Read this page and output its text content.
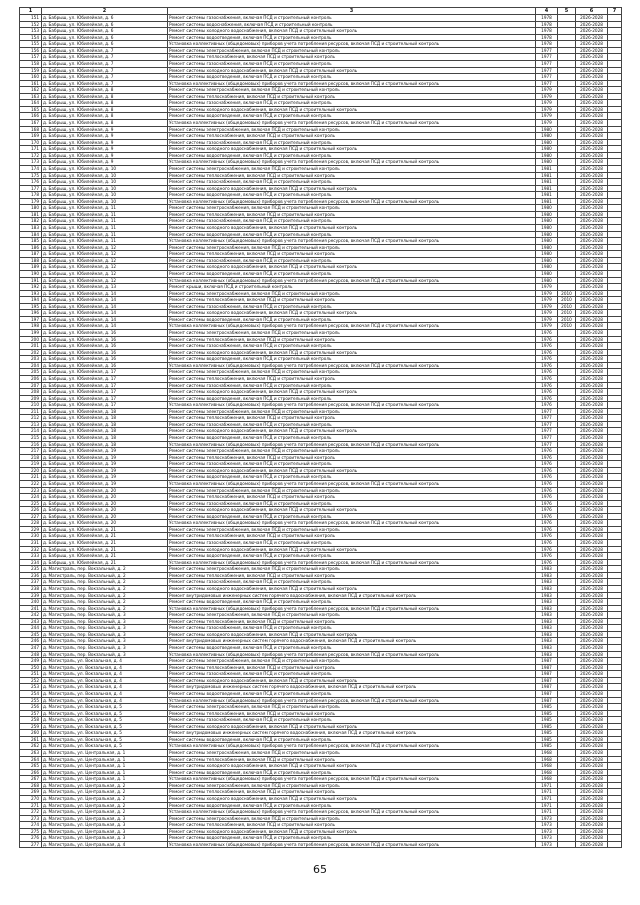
1	2	3	4	5	6	7
151	д. Бабрыш, ул. Юбилейная, д. 6	Ремонт системы газоснабжения, включая ПСД и строительный контроль	1978		2026-2028	
152	д. Бабрыш, ул. Юбилейная, д. 6	Ремонт системы водоснабжения, включая ПСД и строительный контроль	1978		2026-2028	
153	д. Бабрыш, ул. Юбилейная, д. 6	Ремонт системы холодного водоснабжения, включая ПСД и строительный контроль	1978		2026-2028	
154	д. Бабрыш, ул. Юбилейная, д. 6	Ремонт системы водоотведения, включая ПСД и строительный контроль	1978		2026-2028	
155	д. Бабрыш, ул. Юбилейная, д. 6	Установка коллективных (общедомовых) приборов учета потребления ресурсов, включая ПСД и строительный контроль	1978		2026-2028	
156	д. Бабрыш, ул. Юбилейная, д. 7	Ремонт системы электроснабжения, включая ПСД и строительный контроль	1977		2026-2028	
157	д. Бабрыш, ул. Юбилейная, д. 7	Ремонт системы теплоснабжения, включая ПСД и строительный контроль	1977		2026-2028	
158	д. Бабрыш, ул. Юбилейная, д. 7	Ремонт системы газоснабжения, включая ПСД и строительный контроль	1977		2026-2028	
159	д. Бабрыш, ул. Юбилейная, д. 7	Ремонт системы холодного водоснабжения, включая ПСД и строительный контроль	1977		2026-2028	
160	д. Бабрыш, ул. Юбилейная, д. 7	Ремонт системы водоотведения, включая ПСД и строительный контроль	1977		2026-2028	
161	д. Бабрыш, ул. Юбилейная, д. 7	Установка коллективных (общедомовых) приборов учета потребления ресурсов, включая ПСД и строительный контроль	1977		2026-2028	
162	д. Бабрыш, ул. Юбилейная, д. 8	Ремонт системы электроснабжения, включая ПСД и строительный контроль	1979		2026-2028	
163	д. Бабрыш, ул. Юбилейная, д. 8	Ремонт системы теплоснабжения, включая ПСД и строительный контроль	1979		2026-2028	
164	д. Бабрыш, ул. Юбилейная, д. 8	Ремонт системы газоснабжения, включая ПСД и строительный контроль	1979		2026-2028	
165	д. Бабрыш, ул. Юбилейная, д. 8	Ремонт системы холодного водоснабжения, включая ПСД и строительный контроль	1979		2026-2028	
166	д. Бабрыш, ул. Юбилейная, д. 8	Ремонт системы водоотведения, включая ПСД и строительный контроль	1979		2026-2028	
167	д. Бабрыш, ул. Юбилейная, д. 8	Установка коллективных (общедомовых) приборов учета потребления ресурсов, включая ПСД и строительный контроль	1979		2026-2028	
168	д. Бабрыш, ул. Юбилейная, д. 9	Ремонт системы электроснабжения, включая ПСД и строительный контроль	1980		2026-2028	
169	д. Бабрыш, ул. Юбилейная, д. 9	Ремонт системы теплоснабжения, включая ПСД и строительный контроль	1980		2026-2028	
170	д. Бабрыш, ул. Юбилейная, д. 9	Ремонт системы газоснабжения, включая ПСД и строительный контроль	1980		2026-2028	
171	д. Бабрыш, ул. Юбилейная, д. 9	Ремонт системы холодного водоснабжения, включая ПСД и строительный контроль	1980		2026-2028	
172	д. Бабрыш, ул. Юбилейная, д. 9	Ремонт системы водоотведения, включая ПСД и строительный контроль	1980		2026-2028	
173	д. Бабрыш, ул. Юбилейная, д. 9	Установка коллективных (общедомовых) приборов учета потребления ресурсов, включая ПСД и строительный контроль	1980		2026-2028	
174	д. Бабрыш, ул. Юбилейная, д. 10	Ремонт системы электроснабжения, включая ПСД и строительный контроль	1981		2026-2028	
175	д. Бабрыш, ул. Юбилейная, д. 10	Ремонт системы теплоснабжения, включая ПСД и строительный контроль	1981		2026-2028	
176	д. Бабрыш, ул. Юбилейная, д. 10	Ремонт системы газоснабжения, включая ПСД и строительный контроль	1981		2026-2028	
177	д. Бабрыш, ул. Юбилейная, д. 10	Ремонт системы холодного водоснабжения, включая ПСД и строительный контроль	1981		2026-2028	
178	д. Бабрыш, ул. Юбилейная, д. 10	Ремонт системы водоотведения, включая ПСД и строительный контроль	1981		2026-2028	
179	д. Бабрыш, ул. Юбилейная, д. 10	Установка коллективных (общедомовых) приборов учета потребления ресурсов, включая ПСД и строительный контроль	1981		2026-2028	
180	д. Бабрыш, ул. Юбилейная, д. 11	Ремонт системы электроснабжения, включая ПСД и строительный контроль	1980		2026-2028	
181	д. Бабрыш, ул. Юбилейная, д. 11	Ремонт системы теплоснабжения, включая ПСД и строительный контроль	1980		2026-2028	
182	д. Бабрыш, ул. Юбилейная, д. 11	Ремонт системы газоснабжения, включая ПСД и строительный контроль	1980		2026-2028	
183	д. Бабрыш, ул. Юбилейная, д. 11	Ремонт системы холодного водоснабжения, включая ПСД и строительный контроль	1980		2026-2028	
184	д. Бабрыш, ул. Юбилейная, д. 11	Ремонт системы водоотведения, включая ПСД и строительный контроль	1980		2026-2028	
185	д. Бабрыш, ул. Юбилейная, д. 11	Установка коллективных (общедомовых) приборов учета потребления ресурсов, включая ПСД и строительный контроль	1980		2026-2028	
186	д. Бабрыш, ул. Юбилейная, д. 12	Ремонт системы электроснабжения, включая ПСД и строительный контроль	1980		2026-2028	
187	д. Бабрыш, ул. Юбилейная, д. 12	Ремонт системы теплоснабжения, включая ПСД и строительный контроль	1980		2026-2028	
188	д. Бабрыш, ул. Юбилейная, д. 12	Ремонт системы газоснабжения, включая ПСД и строительный контроль	1980		2026-2028	
189	д. Бабрыш, ул. Юбилейная, д. 12	Ремонт системы холодного водоснабжения, включая ПСД и строительный контроль	1980		2026-2028	
190	д. Бабрыш, ул. Юбилейная, д. 12	Ремонт системы водоотведения, включая ПСД и строительный контроль	1980		2026-2028	
191	д. Бабрыш, ул. Юбилейная, д. 12	Установка коллективных (общедомовых) приборов учета потребления ресурсов, включая ПСД и строительный контроль	1980		2026-2028	
192	д. Бабрыш, ул. Юбилейная, д. 13	Ремонт крыши, включая ПСД и строительный контроль	1979		2026-2028	
193	д. Бабрыш, ул. Юбилейная, д. 14	Ремонт системы электроснабжения, включая ПСД и строительный контроль	1979	2010	2026-2028	
194	д. Бабрыш, ул. Юбилейная, д. 14	Ремонт системы теплоснабжения, включая ПСД и строительный контроль	1979	2010	2026-2028	
195	д. Бабрыш, ул. Юбилейная, д. 14	Ремонт системы газоснабжения, включая ПСД и строительный контроль	1979	2010	2026-2028	
196	д. Бабрыш, ул. Юбилейная, д. 14	Ремонт системы холодного водоснабжения, включая ПСД и строительный контроль	1979	2010	2026-2028	
197	д. Бабрыш, ул. Юбилейная, д. 14	Ремонт системы водоотведения, включая ПСД и строительный контроль	1979	2010	2026-2028	
198	д. Бабрыш, ул. Юбилейная, д. 14	Установка коллективных (общедомовых) приборов учета потребления ресурсов, включая ПСД и строительный контроль	1979	2010	2026-2028	
199	д. Бабрыш, ул. Юбилейная, д. 16	Ремонт системы электроснабжения, включая ПСД и строительный контроль	1976		2026-2028	
200	д. Бабрыш, ул. Юбилейная, д. 16	Ремонт системы теплоснабжения, включая ПСД и строительный контроль	1976		2026-2028	
201	д. Бабрыш, ул. Юбилейная, д. 16	Ремонт системы газоснабжения, включая ПСД и строительный контроль	1976		2026-2028	
202	д. Бабрыш, ул. Юбилейная, д. 16	Ремонт системы холодного водоснабжения, включая ПСД и строительный контроль	1976		2026-2028	
203	д. Бабрыш, ул. Юбилейная, д. 16	Ремонт системы водоотведения, включая ПСД и строительный контроль	1976		2026-2028	
204	д. Бабрыш, ул. Юбилейная, д. 16	Установка коллективных (общедомовых) приборов учета потребления ресурсов, включая ПСД и строительный контроль	1976		2026-2028	
205	д. Бабрыш, ул. Юбилейная, д. 17	Ремонт системы электроснабжения, включая ПСД и строительный контроль	1976		2026-2028	
206	д. Бабрыш, ул. Юбилейная, д. 17	Ремонт системы теплоснабжения, включая ПСД и строительный контроль	1976		2026-2028	
207	д. Бабрыш, ул. Юбилейная, д. 17	Ремонт системы газоснабжения, включая ПСД и строительный контроль	1976		2026-2028	
208	д. Бабрыш, ул. Юбилейная, д. 17	Ремонт системы холодного водоснабжения, включая ПСД и строительный контроль	1976		2026-2028	
209	д. Бабрыш, ул. Юбилейная, д. 17	Ремонт системы водоотведения, включая ПСД и строительный контроль	1976		2026-2028	
210	д. Бабрыш, ул. Юбилейная, д. 17	Установка коллективных (общедомовых) приборов учета потребления ресурсов, включая ПСД и строительный контроль	1976		2026-2028	
211	д. Бабрыш, ул. Юбилейная, д. 18	Ремонт системы электроснабжения, включая ПСД и строительный контроль	1977		2026-2028	
212	д. Бабрыш, ул. Юбилейная, д. 18	Ремонт системы теплоснабжения, включая ПСД и строительный контроль	1977		2026-2028	
213	д. Бабрыш, ул. Юбилейная, д. 18	Ремонт системы газоснабжения, включая ПСД и строительный контроль	1977		2026-2028	
214	д. Бабрыш, ул. Юбилейная, д. 18	Ремонт системы холодного водоснабжения, включая ПСД и строительный контроль	1977		2026-2028	
215	д. Бабрыш, ул. Юбилейная, д. 18	Ремонт системы водоотведения, включая ПСД и строительный контроль	1977		2026-2028	
216	д. Бабрыш, ул. Юбилейная, д. 18	Установка коллективных (общедомовых) приборов учета потребления ресурсов, включая ПСД и строительный контроль	1977		2026-2028	
217	д. Бабрыш, ул. Юбилейная, д. 19	Ремонт системы электроснабжения, включая ПСД и строительный контроль	1976		2026-2028	
218	д. Бабрыш, ул. Юбилейная, д. 19	Ремонт системы теплоснабжения, включая ПСД и строительный контроль	1976		2026-2028	
219	д. Бабрыш, ул. Юбилейная, д. 19	Ремонт системы газоснабжения, включая ПСД и строительный контроль	1976		2026-2028	
220	д. Бабрыш, ул. Юбилейная, д. 19	Ремонт системы холодного водоснабжения, включая ПСД и строительный контроль	1976		2026-2028	
221	д. Бабрыш, ул. Юбилейная, д. 19	Ремонт системы водоотведения, включая ПСД и строительный контроль	1976		2026-2028	
222	д. Бабрыш, ул. Юбилейная, д. 19	Установка коллективных (общедомовых) приборов учета потребления ресурсов, включая ПСД и строительный контроль	1976		2026-2028	
223	д. Бабрыш, ул. Юбилейная, д. 20	Ремонт системы электроснабжения, включая ПСД и строительный контроль	1976		2026-2028	
224	д. Бабрыш, ул. Юбилейная, д. 20	Ремонт системы теплоснабжения, включая ПСД и строительный контроль	1976		2026-2028	
225	д. Бабрыш, ул. Юбилейная, д. 20	Ремонт системы газоснабжения, включая ПСД и строительный контроль	1976		2026-2028	
226	д. Бабрыш, ул. Юбилейная, д. 20	Ремонт системы холодного водоснабжения, включая ПСД и строительный контроль	1976		2026-2028	
227	д. Бабрыш, ул. Юбилейная, д. 20	Ремонт системы водоотведения, включая ПСД и строительный контроль	1976		2026-2028	
228	д. Бабрыш, ул. Юбилейная, д. 20	Установка коллективных (общедомовых) приборов учета потребления ресурсов, включая ПСД и строительный контроль	1976		2026-2028	
229	д. Бабрыш, ул. Юбилейная, д. 21	Ремонт системы электроснабжения, включая ПСД и строительный контроль	1976		2026-2028	
230	д. Бабрыш, ул. Юбилейная, д. 21	Ремонт системы теплоснабжения, включая ПСД и строительный контроль	1976		2026-2028	
231	д. Бабрыш, ул. Юбилейная, д. 21	Ремонт системы газоснабжения, включая ПСД и строительный контроль	1976		2026-2028	
232	д. Бабрыш, ул. Юбилейная, д. 21	Ремонт системы холодного водоснабжения, включая ПСД и строительный контроль	1976		2026-2028	
233	д. Бабрыш, ул. Юбилейная, д. 21	Ремонт системы водоотведения, включая ПСД и строительный контроль	1976		2026-2028	
234	д. Бабрыш, ул. Юбилейная, д. 21	Установка коллективных (общедомовых) приборов учета потребления ресурсов, включая ПСД и строительный контроль	1976		2026-2028	
235	д. Магистраль, пер. Вокзальный, д. 2	Ремонт системы электроснабжения, включая ПСД и строительный контроль	1983		2026-2028	
236	д. Магистраль, пер. Вокзальный, д. 2	Ремонт системы теплоснабжения, включая ПСД и строительный контроль	1983		2026-2028	
237	д. Магистраль, пер. Вокзальный, д. 2	Ремонт системы газоснабжения, включая ПСД и строительный контроль	1983		2026-2028	
238	д. Магистраль, пер. Вокзальный, д. 2	Ремонт системы холодного водоснабжения, включая ПСД и строительный контроль	1983		2026-2028	
239	д. Магистраль, пер. Вокзальный, д. 2	Ремонт внутридомовых инженерных систем горячего водоснабжения, включая ПСД и строительный контроль	1983		2026-2028	
240	д. Магистраль, пер. Вокзальный, д. 2	Ремонт системы водоотведения, включая ПСД и строительный контроль	1983		2026-2028	
241	д. Магистраль, пер. Вокзальный, д. 2	Установка коллективных (общедомовых) приборов учета потребления ресурсов, включая ПСД и строительный контроль	1983		2026-2028	
242	д. Магистраль, пер. Вокзальный, д. 3	Ремонт системы электроснабжения, включая ПСД и строительный контроль	1983		2026-2028	
243	д. Магистраль, пер. Вокзальный, д. 3	Ремонт системы теплоснабжения, включая ПСД и строительный контроль	1983		2026-2028	
244	д. Магистраль, пер. Вокзальный, д. 3	Ремонт системы газоснабжения, включая ПСД и строительный контроль	1983		2026-2028	
245	д. Магистраль, пер. Вокзальный, д. 3	Ремонт системы холодного водоснабжения, включая ПСД и строительный контроль	1983		2026-2028	
246	д. Магистраль, пер. Вокзальный, д. 3	Ремонт внутридомовых инженерных систем горячего водоснабжения, включая ПСД и строительный контроль	1983		2026-2028	
247	д. Магистраль, пер. Вокзальный, д. 3	Ремонт системы водоотведения, включая ПСД и строительный контроль	1983		2026-2028	
248	д. Магистраль, пер. Вокзальный, д. 3	Установка коллективных (общедомовых) приборов учета потребления ресурсов, включая ПСД и строительный контроль	1983		2026-2028	
249	д. Магистраль, ул. Вокзальная, д. 4	Ремонт системы электроснабжения, включая ПСД и строительный контроль	1987		2026-2028	
250	д. Магистраль, ул. Вокзальная, д. 4	Ремонт системы теплоснабжения, включая ПСД и строительный контроль	1987		2026-2028	
251	д. Магистраль, ул. Вокзальная, д. 4	Ремонт системы газоснабжения, включая ПСД и строительный контроль	1987		2026-2028	
252	д. Магистраль, ул. Вокзальная, д. 4	Ремонт системы холодного водоснабжения, включая ПСД и строительный контроль	1987		2026-2028	
253	д. Магистраль, ул. Вокзальная, д. 4	Ремонт внутридомовых инженерных систем горячего водоснабжения, включая ПСД и строительный контроль	1987		2026-2028	
254	д. Магистраль, ул. Вокзальная, д. 4	Ремонт системы водоотведения, включая ПСД и строительный контроль	1987		2026-2028	
255	д. Магистраль, ул. Вокзальная, д. 4	Установка коллективных (общедомовых) приборов учета потребления ресурсов, включая ПСД и строительный контроль	1987		2026-2028	
256	д. Магистраль, ул. Вокзальная, д. 5	Ремонт системы электроснабжения, включая ПСД и строительный контроль	1985		2026-2028	
257	д. Магистраль, ул. Вокзальная, д. 5	Ремонт системы теплоснабжения, включая ПСД и строительный контроль	1985		2026-2028	
258	д. Магистраль, ул. Вокзальная, д. 5	Ремонт системы газоснабжения, включая ПСД и строительный контроль	1985		2026-2028	
259	д. Магистраль, ул. Вокзальная, д. 5	Ремонт системы холодного водоснабжения, включая ПСД и строительный контроль	1985		2026-2028	
260	д. Магистраль, ул. Вокзальная, д. 5	Ремонт внутридомовых инженерных систем горячего водоснабжения, включая ПСД и строительный контроль	1985		2026-2028	
261	д. Магистраль, ул. Вокзальная, д. 5	Ремонт системы водоотведения, включая ПСД и строительный контроль	1985		2026-2028	
262	д. Магистраль, ул. Вокзальная, д. 5	Установка коллективных (общедомовых) приборов учета потребления ресурсов, включая ПСД и строительный контроль	1985		2026-2028	
263	д. Магистраль, ул. Центральная, д. 1	Ремонт системы электроснабжения, включая ПСД и строительный контроль	1968		2026-2028	
264	д. Магистраль, ул. Центральная, д. 1	Ремонт системы теплоснабжения, включая ПСД и строительный контроль	1968		2026-2028	
265	д. Магистраль, ул. Центральная, д. 1	Ремонт системы холодного водоснабжения, включая ПСД и строительный контроль	1968		2026-2028	
266	д. Магистраль, ул. Центральная, д. 1	Ремонт системы водоотведения, включая ПСД и строительный контроль	1968		2026-2028	
267	д. Магистраль, ул. Центральная, д. 1	Установка коллективных (общедомовых) приборов учета потребления ресурсов, включая ПСД и строительный контроль	1968		2026-2028	
268	д. Магистраль, ул. Центральная, д. 2	Ремонт системы электроснабжения, включая ПСД и строительный контроль	1971		2026-2028	
269	д. Магистраль, ул. Центральная, д. 2	Ремонт системы теплоснабжения, включая ПСД и строительный контроль	1971		2026-2028	
270	д. Магистраль, ул. Центральная, д. 2	Ремонт системы холодного водоснабжения, включая ПСД и строительный контроль	1971		2026-2028	
271	д. Магистраль, ул. Центральная, д. 2	Ремонт системы водоотведения, включая ПСД и строительный контроль	1971		2026-2028	
272	д. Магистраль, ул. Центральная, д. 2	Установка коллективных (общедомовых) приборов учета потребления ресурсов, включая ПСД и строительный контроль	1971		2026-2028	
273	д. Магистраль, ул. Центральная, д. 3	Ремонт системы электроснабжения, включая ПСД и строительный контроль	1973		2026-2028	
274	д. Магистраль, ул. Центральная, д. 3	Ремонт системы теплоснабжения, включая ПСД и строительный контроль	1973		2026-2028	
275	д. Магистраль, ул. Центральная, д. 3	Ремонт системы холодного водоснабжения, включая ПСД и строительный контроль	1973		2026-2028	
276	д. Магистраль, ул. Центральная, д. 3	Ремонт системы водоотведения, включая ПСД и строительный контроль	1973		2026-2028	
277	д. Магистраль, ул. Центральная, д. 4	Установка коллективных (общедомовых) приборов учета потребления ресурсов, включая ПСД и строительный контроль	1973		2026-2028	
65
